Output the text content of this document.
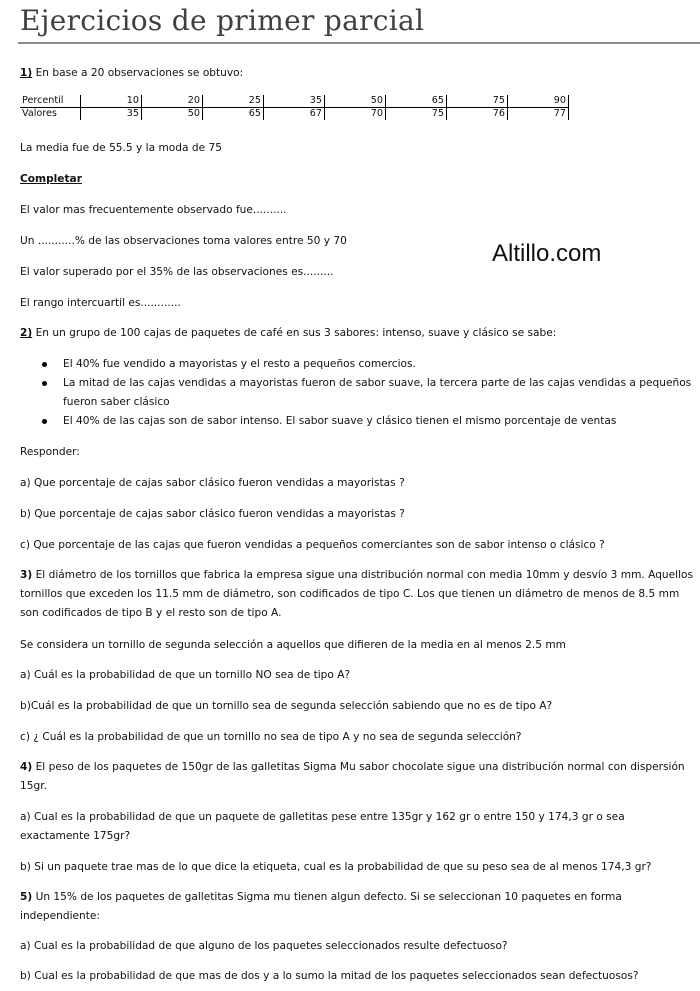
Ejercicios de primer parcial
Altillo.com
1) En base a 20 observaciones se obtuvo:
Percentil	10	20	25	35	50	65	75	90
Valores	35	50	65	67	70	75	76	77
La media fue de 55.5 y la moda de 75
Completar
El valor mas frecuentemente observado fue..........
Un ...........% de las observaciones toma valores entre 50 y 70
El valor superado por el 35% de las observaciones es.........
El rango intercuartil es............
2) En un grupo de 100 cajas de paquetes de café en sus 3 sabores: intenso, suave y clásico se sabe:
El 40% fue vendido a mayoristas y el resto a pequeños comercios.
La mitad de las cajas vendidas a mayoristas fueron de sabor suave, la tercera parte de las cajas vendidas a pequeños fueron saber clásico
El 40% de las cajas son de sabor intenso. El sabor suave y clásico tienen el mismo porcentaje de ventas
Responder:
a) Que porcentaje de cajas sabor clásico fueron vendidas a mayoristas ?
b) Que porcentaje de cajas sabor clásico fueron vendidas a mayoristas ?
c) Que porcentaje de las cajas que fueron vendidas a pequeños comerciantes son de sabor intenso o clásico ?
3) El diámetro de los tornillos que fabrica la empresa sigue una distribución normal con media 10mm y desvío 3 mm. Aquellos tornillos que exceden los 11.5 mm de diámetro, son codificados de tipo C. Los que tienen un diámetro de menos de 8.5 mm son codificados de tipo B y el resto son de tipo A.
Se considera un tornillo de segunda selección a aquellos que difieren de la media en al menos 2.5 mm
a) Cuál es la probabilidad de que un tornillo NO sea de tipo A?
b)Cuál es la probabilidad de que un tornillo sea de segunda selección sabiendo que no es de tipo A?
c) ¿ Cuál es la probabilidad de que un tornillo no sea de tipo A y no sea de segunda selección?
4) El peso de los paquetes de 150gr de las galletitas Sigma Mu sabor chocolate sigue una distribución normal con dispersión 15gr.
a) Cual es la probabilidad de que un paquete de galletitas pese entre 135gr y 162 gr o entre 150 y 174,3 gr o sea exactamente 175gr?
b) Si un paquete trae mas de lo que dice la etiqueta, cual es la probabilidad de que su peso sea de al menos 174,3 gr?
5) Un 15% de los paquetes de galletitas Sigma mu tienen algun defecto. Si se seleccionan 10 paquetes en forma independiente:
a) Cual es la probabilidad de que alguno de los paquetes seleccionados resulte defectuoso?
b) Cual es la probabilidad de que mas de dos y a lo sumo la mitad de los paquetes seleccionados sean defectuosos?
